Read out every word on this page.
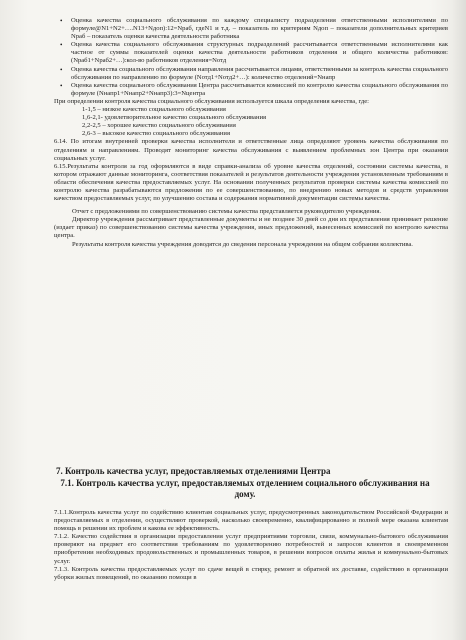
• Оценка качества социального обслуживания по каждому специалисту подразделения ответственными исполнителями по формуле@N1+N2+….N13+Nдоп):12=Nраб, гдеN1 и т.д. – показатель по критериям Nдоп – показатели дополнительных критериев Nраб – показатель оценки качества деятельности работника

• Оценка качества социального обслуживания структурных подразделений рассчитывается ответственными исполнителями как частное от суммы показателей оценки качества деятельности работников отделения и общего количества работников: (Nраб1+Nраб2+…):кол-во работников отделения=Nотд

• Оценка качества социального обслуживания направления рассчитывается лицами, ответственными за контроль качества социального обслуживания по направлению по формуле (Nотд1+Nотд2+…): количество отделений=Nнапр

• Оценка качества социального обслуживания Центра рассчитывается комиссией по контролю качества социального обслуживания по формуле (Nнапр1+Nнапр2+Nнапр3):3=Nцентра

При определении контроля качества социального обслуживания используется шкала определения качества, где:

1-1,5 – низкое качество социального обслуживания

1,6-2,1- удовлетворительное качество социального обслуживания

2,2-2,5 – хорошее качество социального обслуживания

2,6-3 – высокое качество социального обслуживания

6.14. По итогам внутренней проверки качества исполнители и ответственные лица определяют уровень качества обслуживания по отделениям и направлениям. Проводят мониторинг качества обслуживания с выявлением проблемных зон Центра при оказании социальных услуг.

6.15.Результаты контроля за год оформляются в виде справки-анализа об уровне качества отделений, состоянии системы качества, в котором отражают данные мониторинга, соответствия показателей и результатов деятельности учреждения установленным требованиям в области обеспечения качества предоставляемых услуг. На основании полученных результатов проверки системы качества комиссией по контролю качества разрабатываются предложения по ее совершенствованию, по внедрению новых методов и средств управления качеством предоставляемых услуг, по улучшению состава и содержания нормативной документации системы качества.

Отчет с предложениями по совершенствованию системы качества представляется руководителю учреждения.

Директор учреждения рассматривает представленные документы и не позднее 30 дней со дня их представления принимает решение (издает приказ) по совершенствованию системы качества учреждения, иных предложений, вынесенных комиссией по контролю качества центра.

Результаты контроля качества учреждения доводятся до сведения персонала учреждения на общем собрании коллектива.

7. Контроль качества услуг, предоставляемых отделениями Центра
7.1. Контроль качества услуг, предоставляемых отделением социального обслуживания на дому.

7.1.1.Контроль качества услуг по содействию клиентам социальных услуг, предусмотренных законодательством Российской Федерации и предоставляемых в отделении, осуществляют проверкой, насколько своевременно, квалифицированно и полной мере оказана клиентам помощь в решении их проблем и какова ее эффективность.

7.1.2. Качество содействия в организации предоставления услуг предприятиями торговли, связи, коммунально-бытового обслуживания проверяют на предмет его соответствия требованиям по удовлетворению потребностей и запросов клиентов в своевременном приобретении необходимых продовольственных и промышленных товаров, в решении вопросов оплаты жилья и коммунально-бытовых услуг.

7.1.3. Контроль качества предоставляемых услуг по сдаче вещей в стирку, ремонт и обратной их доставке, содействию в организации уборки жилых помещений, по оказанию помощи в
